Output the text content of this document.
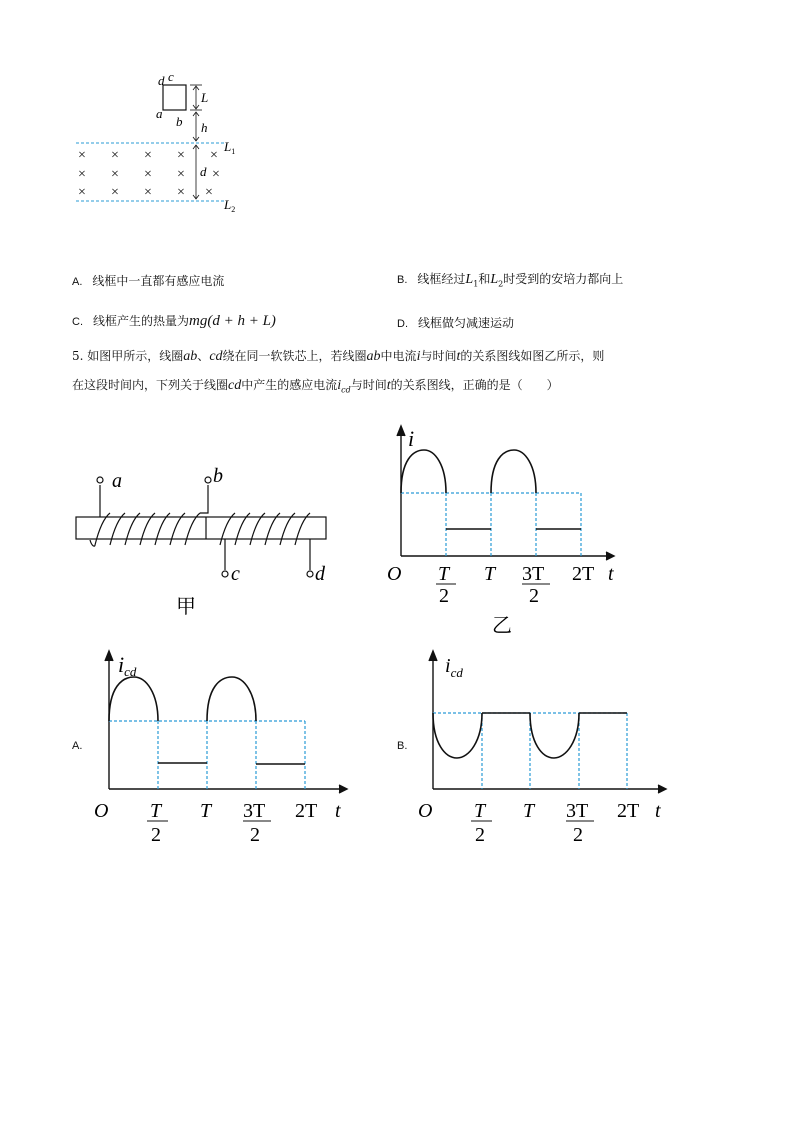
d
a
c
b
L
h
$L_1$
$L_2$
d
× × × × ×
× × × × ×
× × × × ×
A. 线框中一直都有感应电流	B. 线框经过$L_1$和$L_2$时受到的安培力都向上
C. 线框产生的热量为mg(d + h + L)	D. 线框做匀减速运动
5. 如图甲所示，线圈ab、cd绕在同一软铁芯上，若线圈ab中电流i与时间t的关系图线如图乙所示，则
在这段时间内，下列关于线圈cd中产生的感应电流$i_{cd}$与时间t的关系图线，正确的是（　　）
a	b
c	d
甲
i
O T
2
T 3T
2
2T t
乙
A.
icd
O T
2
T 3T
2
2T t
B.
$i_{cd}$
O T
2
T 3T
2
2T t
